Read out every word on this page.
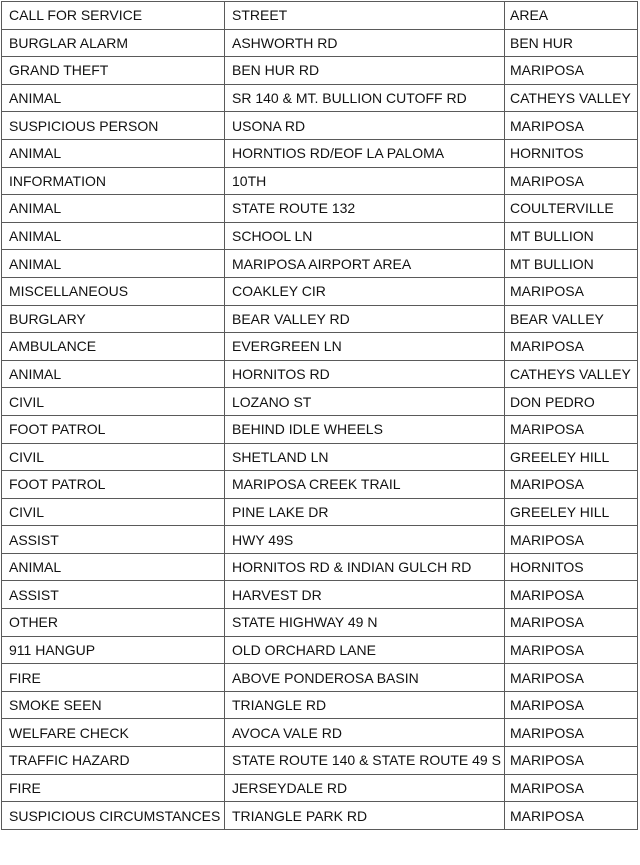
CALL FOR SERVICE	STREET	AREA
BURGLAR ALARM	ASHWORTH RD	BEN HUR
GRAND THEFT	BEN HUR RD	MARIPOSA
ANIMAL	SR 140 & MT. BULLION CUTOFF RD	CATHEYS VALLEY
SUSPICIOUS PERSON	USONA RD	MARIPOSA
ANIMAL	HORNTIOS RD/EOF LA PALOMA	HORNITOS
INFORMATION	10TH	MARIPOSA
ANIMAL	STATE ROUTE 132	COULTERVILLE
ANIMAL	SCHOOL LN	MT BULLION
ANIMAL	MARIPOSA AIRPORT AREA	MT BULLION
MISCELLANEOUS	COAKLEY CIR	MARIPOSA
BURGLARY	BEAR VALLEY RD	BEAR VALLEY
AMBULANCE	EVERGREEN LN	MARIPOSA
ANIMAL	HORNITOS RD	CATHEYS VALLEY
CIVIL	LOZANO ST	DON PEDRO
FOOT PATROL	BEHIND IDLE WHEELS	MARIPOSA
CIVIL	SHETLAND LN	GREELEY HILL
FOOT PATROL	MARIPOSA CREEK TRAIL	MARIPOSA
CIVIL	PINE LAKE DR	GREELEY HILL
ASSIST	HWY 49S	MARIPOSA
ANIMAL	HORNITOS RD & INDIAN GULCH RD	HORNITOS
ASSIST	HARVEST DR	MARIPOSA
OTHER	STATE HIGHWAY 49 N	MARIPOSA
911 HANGUP	OLD ORCHARD LANE	MARIPOSA
FIRE	ABOVE PONDEROSA BASIN	MARIPOSA
SMOKE SEEN	TRIANGLE RD	MARIPOSA
WELFARE CHECK	AVOCA VALE RD	MARIPOSA
TRAFFIC HAZARD	STATE ROUTE 140 & STATE ROUTE 49 S	MARIPOSA
FIRE	JERSEYDALE RD	MARIPOSA
SUSPICIOUS CIRCUMSTANCES	TRIANGLE PARK RD	MARIPOSA
